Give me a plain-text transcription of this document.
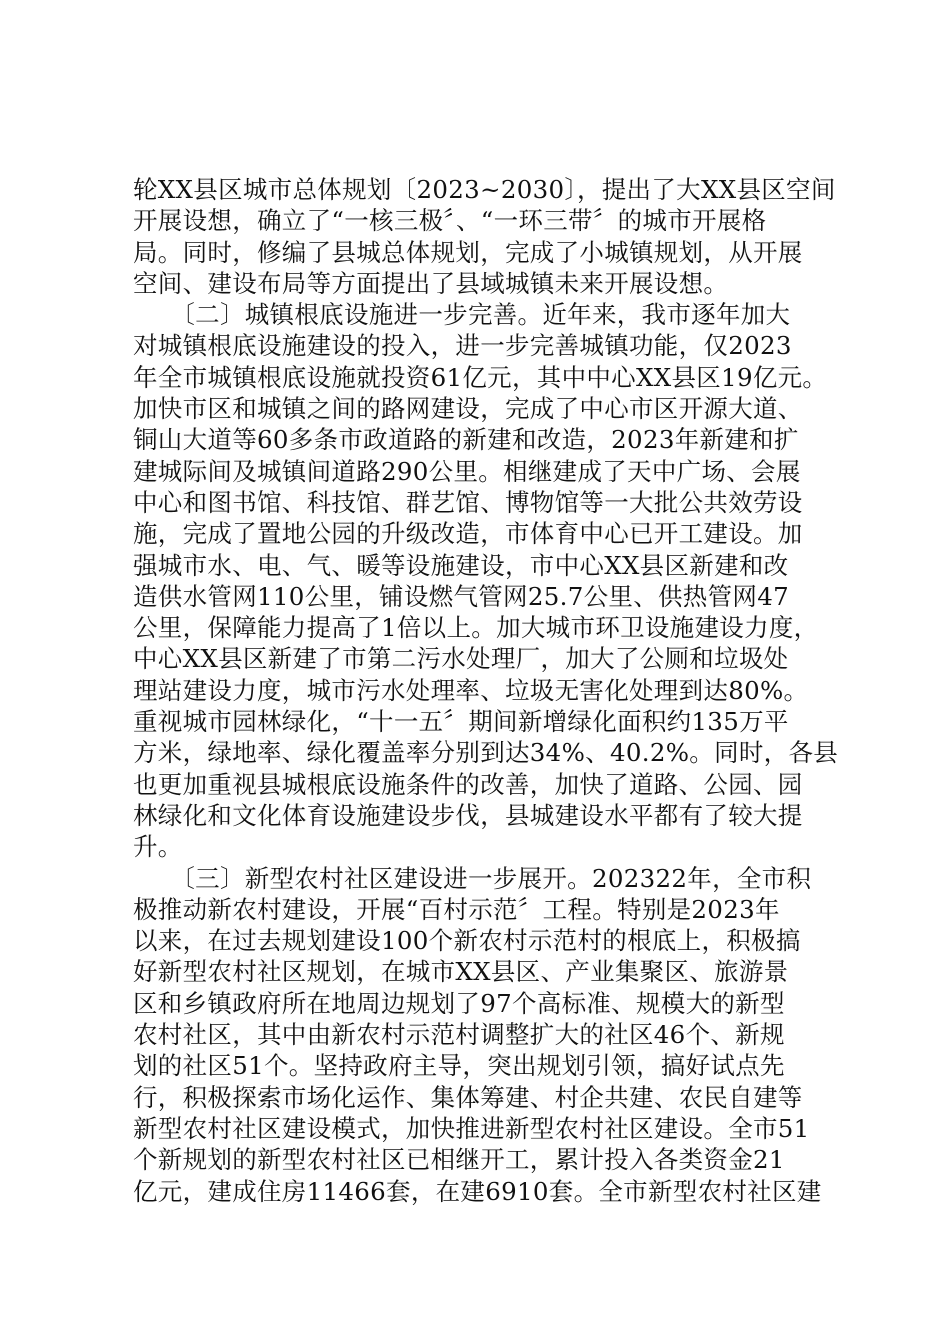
轮XX县区城市总体规划〔2023~2030〕，提出了大XX县区空间
开展设想，确立了“一核三极〞、“一环三带〞的城市开展格
局。同时，修编了县城总体规划，完成了小城镇规划，从开展
空间、建设布局等方面提出了县域城镇未来开展设想。
　　〔二〕城镇根底设施进一步完善。近年来，我市逐年加大
对城镇根底设施建设的投入，进一步完善城镇功能，仅2023
年全市城镇根底设施就投资61亿元，其中中心XX县区19亿元。
加快市区和城镇之间的路网建设，完成了中心市区开源大道、
铜山大道等60多条市政道路的新建和改造，2023年新建和扩
建城际间及城镇间道路290公里。相继建成了天中广场、会展
中心和图书馆、科技馆、群艺馆、博物馆等一大批公共效劳设
施，完成了置地公园的升级改造，市体育中心已开工建设。加
强城市水、电、气、暖等设施建设，市中心XX县区新建和改
造供水管网110公里，铺设燃气管网25.7公里、供热管网47
公里，保障能力提高了1倍以上。加大城市环卫设施建设力度，
中心XX县区新建了市第二污水处理厂，加大了公厕和垃圾处
理站建设力度，城市污水处理率、垃圾无害化处理到达80%。
重视城市园林绿化，“十一五〞期间新增绿化面积约135万平
方米，绿地率、绿化覆盖率分别到达34%、40.2%。同时，各县
也更加重视县城根底设施条件的改善，加快了道路、公园、园
林绿化和文化体育设施建设步伐，县城建设水平都有了较大提
升。
　　〔三〕新型农村社区建设进一步展开。202322年，全市积
极推动新农村建设，开展“百村示范〞工程。特别是2023年
以来，在过去规划建设100个新农村示范村的根底上，积极搞
好新型农村社区规划，在城市XX县区、产业集聚区、旅游景
区和乡镇政府所在地周边规划了97个高标准、规模大的新型
农村社区，其中由新农村示范村调整扩大的社区46个、新规
划的社区51个。坚持政府主导，突出规划引领，搞好试点先
行，积极探索市场化运作、集体筹建、村企共建、农民自建等
新型农村社区建设模式，加快推进新型农村社区建设。全市51
个新规划的新型农村社区已相继开工，累计投入各类资金21
亿元，建成住房11466套，在建6910套。全市新型农村社区建
